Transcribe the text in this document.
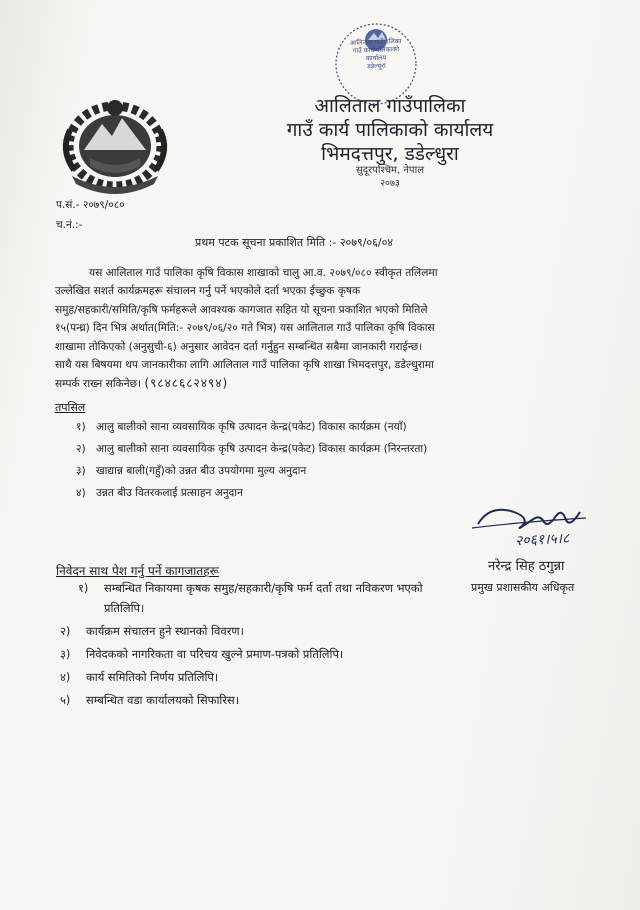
आलिताल गाउँपालिका
गाउँ कार्यपालिकाको
कार्यालय
डडेल्धुरा
आलिताल गाउँपालिका
गाउँ कार्य पालिकाको कार्यालय
भिमदत्तपुर, डडेल्धुरा
सुदूरपश्चिम, नेपाल
२०७३
प.सं.- २०७९/०८०
च.नं.:-
प्रथम पटक सूचना प्रकाशित मिति :- २०७९/०६/०४
यस आलिताल गाउँ पालिका कृषि विकास शाखाको चालु आ.व. २०७९/०८० स्वीकृत तलिलमा
उल्लेखित सशर्त कार्यक्रमहरू संचालन गर्नु पर्ने भएकोले दर्ता भएका ईच्छुक कृषक
समुह/सहकारी/समिति/कृषि फर्महरूले आवश्यक कागजात सहित यो सूचना प्रकाशित भएको मितिले
१५(पन्ध्र) दिन भित्र अर्थात(मिति:- २०७९/०६/२० गते भित्र) यस आलिताल गाउँ पालिका कृषि विकास
शाखामा तोकिएको (अनुसुची-६) अनुसार आवेदन दर्ता गर्नुहुन सम्बन्धित सबैमा जानकारी गराईन्छ।
साथै यस बिषयमा थप जानकारीका लागि आलिताल गाउँ पालिका कृषि शाखा भिमदत्तपुर, डडेल्धुरामा
सम्पर्क राख्न सकिनेछ। (९८४८६८२४९४)
तपसिल
१) आलु बालीको साना व्यवसायिक कृषि उत्पादन केन्द्र(पकेट) विकास कार्यक्रम (नयाँ)
२) आलु बालीको साना व्यवसायिक कृषि उत्पादन केन्द्र(पकेट) विकास कार्यक्रम (निरन्तरता)
३) खाद्यान्न बाली(गहुँ)को उन्नत बीउ उपयोगमा मुल्य अनुदान
४) उन्नत बीउ वितरकलाई प्रत्साहन अनुदान
२०६१।५।८
नरेन्द्र सिह ठगुन्ना
प्रमुख प्रशासकीय अधिकृत
निवेदन साथ पेश गर्नु पर्ने कागजातहरू
१) सम्बन्धित निकायमा कृषक समुह/सहकारी/कृषि फर्म दर्ता तथा नविकरण भएको
प्रतिलिपि।
२) कार्यक्रम संचालन हुने स्थानको विवरण।
३) निवेदकको नागरिकता वा परिचय खुल्ने प्रमाण-पत्रको प्रतिलिपि।
४) कार्य समितिको निर्णय प्रतिलिपि।
५) सम्बन्धित वडा कार्यालयको सिफारिस।
